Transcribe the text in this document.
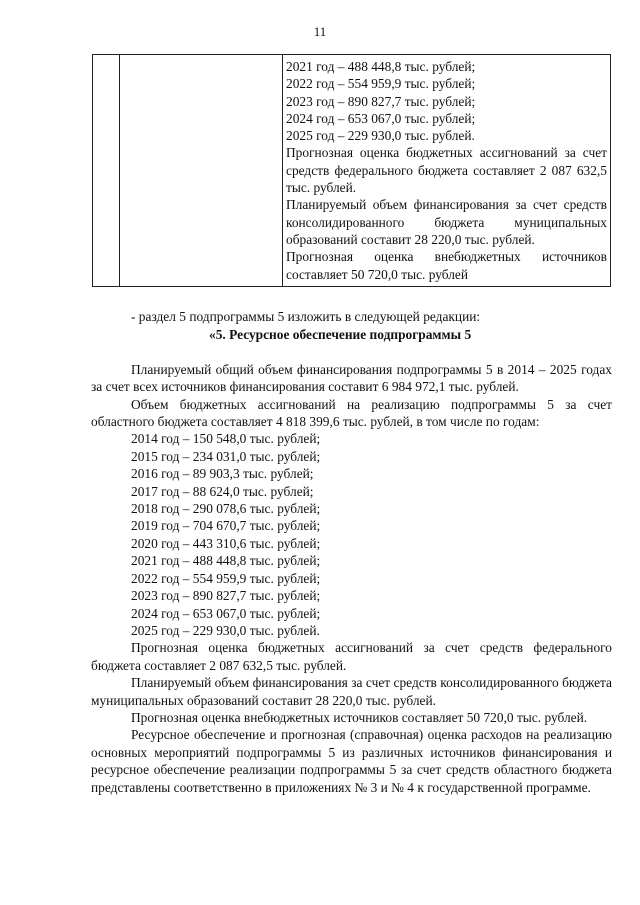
11

2021 год – 488 448,8 тыс. рублей;
2022 год – 554 959,9 тыс. рублей;
2023 год – 890 827,7 тыс. рублей;
2024 год – 653 067,0 тыс. рублей;
2025 год – 229 930,0 тыс. рублей.
Прогнозная оценка бюджетных ассигнований за счет средств федерального бюджета составляет 2 087 632,5 тыс. рублей.
Планируемый объем финансирования за счет средств консолидированного бюджета муниципальных образований составит 28 220,0 тыс. рублей.
Прогнозная оценка внебюджетных источников составляет 50 720,0 тыс. рублей
- раздел 5 подпрограммы 5 изложить в следующей редакции:
«5. Ресурсное обеспечение подпрограммы 5
Планируемый общий объем финансирования подпрограммы 5 в 2014 – 2025 годах за счет всех источников финансирования составит 6 984 972,1 тыс. рублей.
Объем бюджетных ассигнований на реализацию подпрограммы 5 за счет областного бюджета составляет 4 818 399,6 тыс. рублей, в том числе по годам:
2014 год – 150 548,0 тыс. рублей;
2015 год – 234 031,0 тыс. рублей;
2016 год – 89 903,3 тыс. рублей;
2017 год – 88 624,0 тыс. рублей;
2018 год – 290 078,6 тыс. рублей;
2019 год – 704 670,7 тыс. рублей;
2020 год – 443 310,6 тыс. рублей;
2021 год – 488 448,8 тыс. рублей;
2022 год – 554 959,9 тыс. рублей;
2023 год – 890 827,7 тыс. рублей;
2024 год – 653 067,0 тыс. рублей;
2025 год – 229 930,0 тыс. рублей.
Прогнозная оценка бюджетных ассигнований за счет средств федерального бюджета составляет 2 087 632,5 тыс. рублей.
Планируемый объем финансирования за счет средств консолидированного бюджета муниципальных образований составит 28 220,0 тыс. рублей.
Прогнозная оценка внебюджетных источников составляет 50 720,0 тыс. рублей.
Ресурсное обеспечение и прогнозная (справочная) оценка расходов на реализацию основных мероприятий подпрограммы 5 из различных источников финансирования и ресурсное обеспечение реализации подпрограммы 5 за счет средств областного бюджета представлены соответственно в приложениях № 3 и № 4 к государственной программе.
